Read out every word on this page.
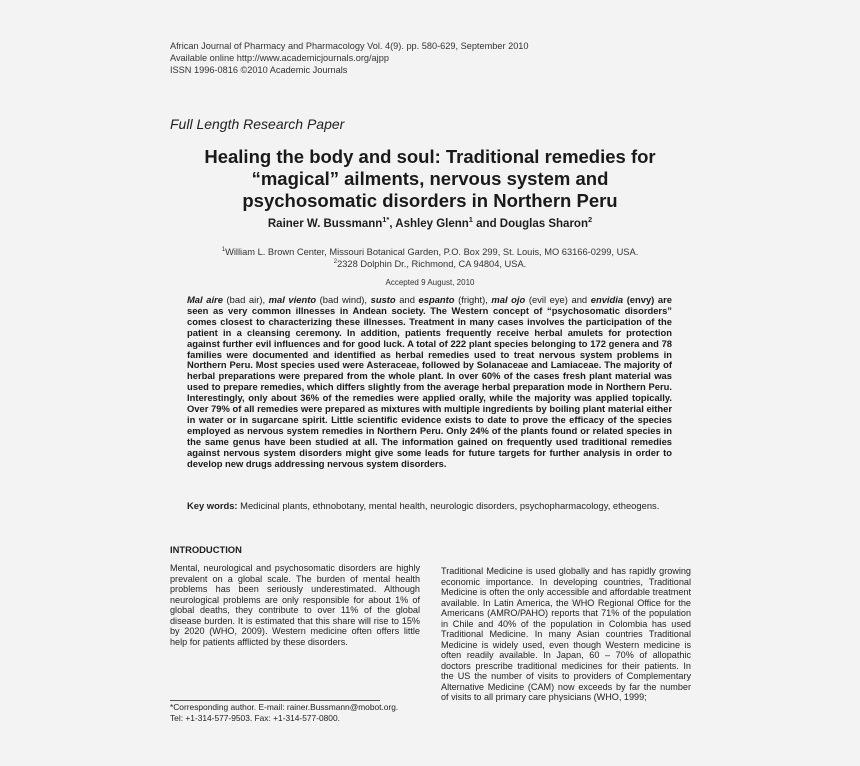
African Journal of Pharmacy and Pharmacology Vol. 4(9). pp. 580-629, September 2010
Available online http://www.academicjournals.org/ajpp
ISSN 1996-0816 ©2010 Academic Journals
Full Length Research Paper
Healing the body and soul: Traditional remedies for
“magical” ailments, nervous system and
psychosomatic disorders in Northern Peru
Rainer W. Bussmann$^{1*}$, Ashley Glenn$^1$ and Douglas Sharon$^2$
$^1$William L. Brown Center, Missouri Botanical Garden, P.O. Box 299, St. Louis, MO 63166-0299, USA.
$^2$2328 Dolphin Dr., Richmond, CA 94804, USA.
Accepted 9 August, 2010
Mal aire (bad air), mal viento (bad wind), susto and espanto (fright), mal ojo (evil eye) and envidia (envy) are seen as very common illnesses in Andean society. The Western concept of “psychosomatic disorders” comes closest to characterizing these illnesses. Treatment in many cases involves the participation of the patient in a cleansing ceremony. In addition, patients frequently receive herbal amulets for protection against further evil influences and for good luck. A total of 222 plant species belonging to 172 genera and 78 families were documented and identified as herbal remedies used to treat nervous system problems in Northern Peru. Most species used were Asteraceae, followed by Solanaceae and Lamiaceae. The majority of herbal preparations were prepared from the whole plant. In over 60% of the cases fresh plant material was used to prepare remedies, which differs slightly from the average herbal preparation mode in Northern Peru. Interestingly, only about 36% of the remedies were applied orally, while the majority was applied topically. Over 79% of all remedies were prepared as mixtures with multiple ingredients by boiling plant material either in water or in sugarcane spirit. Little scientific evidence exists to date to prove the efficacy of the species employed as nervous system remedies in Northern Peru. Only 24% of the plants found or related species in the same genus have been studied at all. The information gained on frequently used traditional remedies against nervous system disorders might give some leads for future targets for further analysis in order to develop new drugs addressing nervous system disorders.
Key words: Medicinal plants, ethnobotany, mental health, neurologic disorders, psychopharmacology, etheogens.
INTRODUCTION
Mental, neurological and psychosomatic disorders are highly prevalent on a global scale. The burden of mental health problems has been seriously underestimated. Although neurological problems are only responsible for about 1% of global deaths, they contribute to over 11% of the global disease burden. It is estimated that this share will rise to 15% by 2020 (WHO, 2009). Western medicine often offers little help for patients afflicted by these disorders.
*Corresponding author. E-mail: rainer.Bussmann@mobot.org.
Tel: +1-314-577-9503. Fax: +1-314-577-0800.
Traditional Medicine is used globally and has rapidly growing economic importance. In developing countries, Traditional Medicine is often the only accessible and affordable treatment available. In Latin America, the WHO Regional Office for the Americans (AMRO/PAHO) reports that 71% of the population in Chile and 40% of the population in Colombia has used Traditional Medicine. In many Asian countries Traditional Medicine is widely used, even though Western medicine is often readily available. In Japan, 60 – 70% of allopathic doctors prescribe traditional medicines for their patients. In the US the number of visits to providers of Complementary Alternative Medicine (CAM) now exceeds by far the number of visits to all primary care physicians (WHO, 1999;
